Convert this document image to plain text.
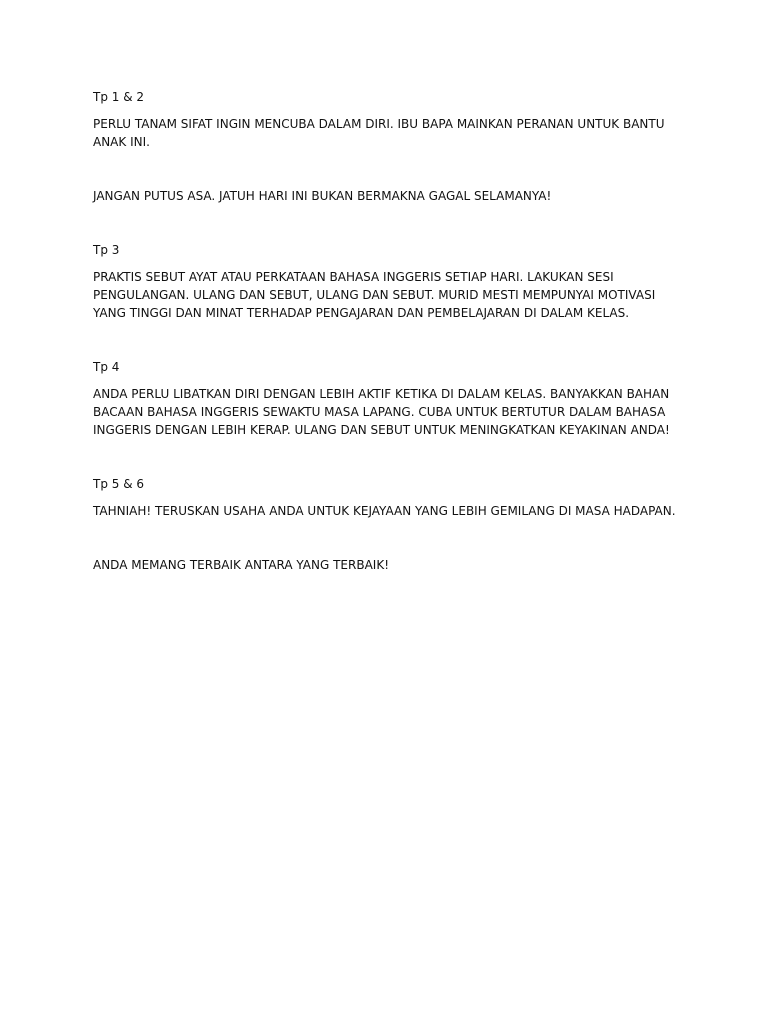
Tp 1 & 2

PERLU TANAM SIFAT INGIN MENCUBA DALAM DIRI. IBU BAPA MAINKAN PERANAN UNTUK BANTU ANAK INI.

JANGAN PUTUS ASA. JATUH HARI INI BUKAN BERMAKNA GAGAL SELAMANYA!

Tp 3

PRAKTIS SEBUT AYAT ATAU PERKATAAN BAHASA INGGERIS SETIAP HARI. LAKUKAN SESI PENGULANGAN. ULANG DAN SEBUT, ULANG DAN SEBUT. MURID MESTI MEMPUNYAI MOTIVASI YANG TINGGI DAN MINAT TERHADAP PENGAJARAN DAN PEMBELAJARAN DI DALAM KELAS.

Tp 4

ANDA PERLU LIBATKAN DIRI DENGAN LEBIH AKTIF KETIKA DI DALAM KELAS. BANYAKKAN BAHAN BACAAN BAHASA INGGERIS SEWAKTU MASA LAPANG. CUBA UNTUK BERTUTUR DALAM BAHASA INGGERIS DENGAN LEBIH KERAP. ULANG DAN SEBUT UNTUK MENINGKATKAN KEYAKINAN ANDA!

Tp 5 & 6

TAHNIAH! TERUSKAN USAHA ANDA UNTUK KEJAYAAN YANG LEBIH GEMILANG DI MASA HADAPAN.

ANDA MEMANG TERBAIK ANTARA YANG TERBAIK!
